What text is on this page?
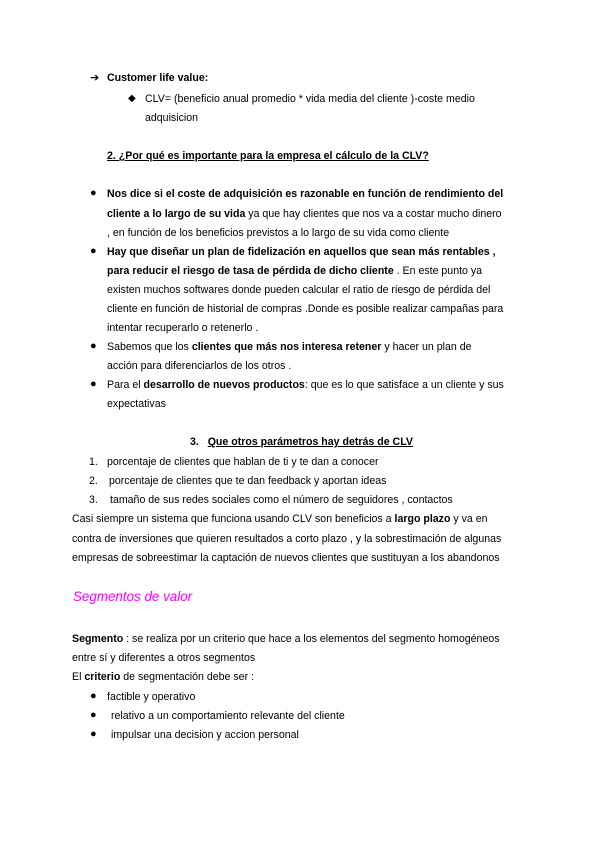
➔ Customer life value:
◆ CLV= (beneficio anual promedio * vida media del cliente )-coste medio
adquisicion
2. ¿Por qué es importante para la empresa el cálculo de la CLV?
● Nos dice si el coste de adquisición es razonable en función de rendimiento del
cliente a lo largo de su vida ya que hay clientes que nos va a costar mucho dinero
, en función de los beneficios previstos a lo largo de su vida como cliente
● Hay que diseñar un plan de fidelización en aquellos que sean más rentables ,
para reducir el riesgo de tasa de pérdida de dicho cliente . En este punto ya
existen muchos softwares donde pueden calcular el ratio de riesgo de pérdida del
cliente en función de historial de compras .Donde es posible realizar campañas para
intentar recuperarlo o retenerlo .
● Sabemos que los clientes que más nos interesa retener y hacer un plan de
acción para diferenciarlos de los otros .
● Para el desarrollo de nuevos productos: que es lo que satisface a un cliente y sus
expectativas
3. Que otros parámetros hay detrás de CLV
1. porcentaje de clientes que hablan de ti y te dan a conocer
2. porcentaje de clientes que te dan feedback y aportan ideas
3. tamaño de sus redes sociales como el número de seguidores , contactos
Casi siempre un sistema que funciona usando CLV son beneficios a largo plazo y va en
contra de inversiones que quieren resultados a corto plazo , y la sobrestimación de algunas
empresas de sobreestimar la captación de nuevos clientes que sustituyan a los abandonos
Segmentos de valor
Segmento : se realiza por un criterio que hace a los elementos del segmento homogéneos
entre sí y diferentes a otros segmentos
El criterio de segmentación debe ser :
● factible y operativo
● relativo a un comportamiento relevante del cliente
● impulsar una decision y accion personal
